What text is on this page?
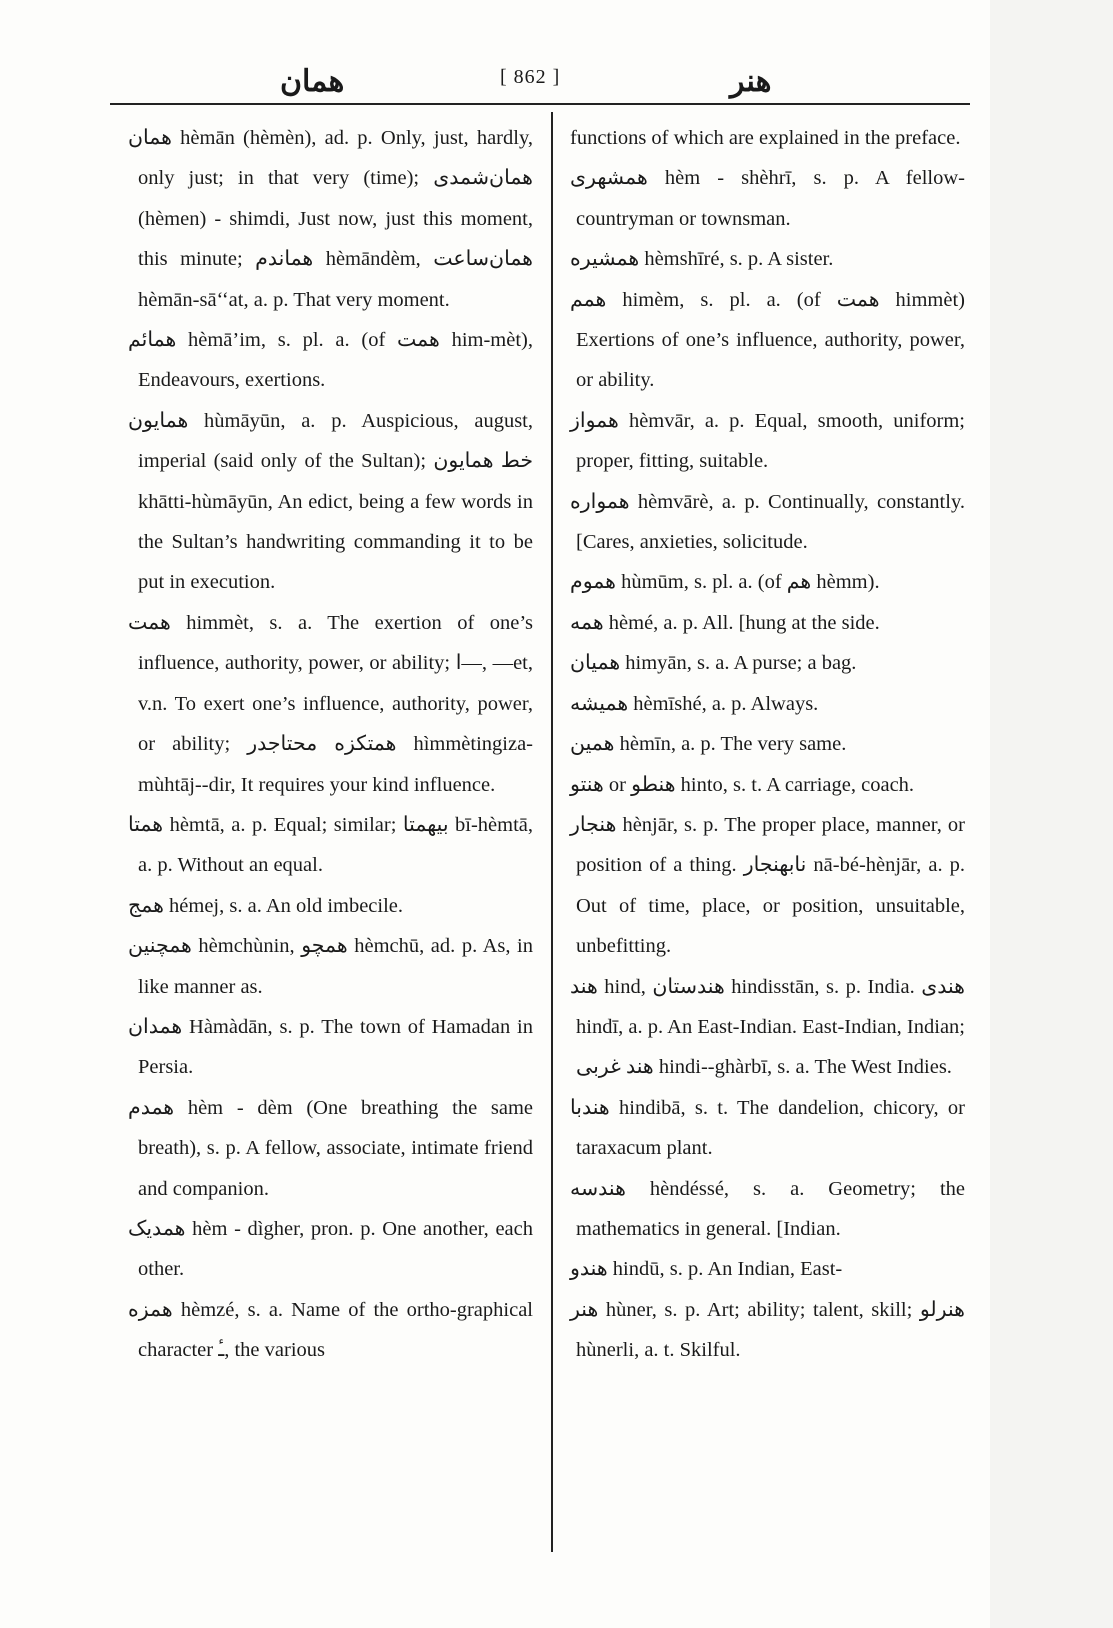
همان	[ 862 ]	هنر
همان hèmān (hèmèn), ad. p. Only, just, hardly, only just; in that very (time); همان‌شمدی (hèmen) - shimdi, Just now, just this moment, this minute; هماندم hèmāndèm, همان‌ساعت hèmān-sā‘‘at, a. p. That very moment.
همائم hèmā’im, s. pl. a. (of همت him-mèt), Endeavours, exertions.
همایون hùmāyūn, a. p. Auspicious, august, imperial (said only of the Sultan); خط همایون khātti-hùmāyūn, An edict, being a few words in the Sultan’s handwriting commanding it to be put in execution.
همت himmèt, s. a. The exertion of one’s influence, authority, power, or ability; ا—, —et, v.n. To exert one’s influence, authority, power, or ability; همتکزه محتاجدر hìmmètingiza-mùhtāj--dir, It requires your kind influence.
همتا hèmtā, a. p. Equal; similar; بیهمتا bī-hèmtā, a. p. Without an equal.
همج hémej, s. a. An old imbecile.
همچنین hèmchùnin, همچو hèmchū, ad. p. As, in like manner as.
همدان Hàmàdān, s. p. The town of Hamadan in Persia.
همدم hèm - dèm (One breathing the same breath), s. p. A fellow, associate, intimate friend and companion.
همدیک hèm - dìgher, pron. p. One another, each other.
همزه hèmzé, s. a. Name of the ortho-graphical character ـٔ, the various
functions of which are explained in the preface.
همشهری hèm - shèhrī, s. p. A fellow-countryman or townsman.
همشیره hèmshīré, s. p. A sister.
همم himèm, s. pl. a. (of همت himmèt) Exertions of one’s influence, authority, power, or ability.
همواز hèmvār, a. p. Equal, smooth, uniform; proper, fitting, suitable.
همواره hèmvārè, a. p. Continually, constantly. [Cares, anxieties, solicitude.
هموم hùmūm, s. pl. a. (of هم hèmm).
همه hèmé, a. p. All. [hung at the side.
همیان himyān, s. a. A purse; a bag.
همیشه hèmīshé, a. p. Always.
همین hèmīn, a. p. The very same.
هنتو or هنطو hinto, s. t. A carriage, coach.
هنجار hènjār, s. p. The proper place, manner, or position of a thing. نابهنجار nā-bé-hènjār, a. p. Out of time, place, or position, unsuitable, unbefitting.
هند hind, هندستان hindisstān, s. p. India. هندی hindī, a. p. An East-Indian. East-Indian, Indian; هند غربی hindi--ghàrbī, s. a. The West Indies.
هندبا hindibā, s. t. The dandelion, chicory, or taraxacum plant.
هندسه hèndéssé, s. a. Geometry; the mathematics in general. [Indian.
هندو hindū, s. p. An Indian, East-
هنر hùner, s. p. Art; ability; talent, skill; هنرلو hùnerli, a. t. Skilful.
